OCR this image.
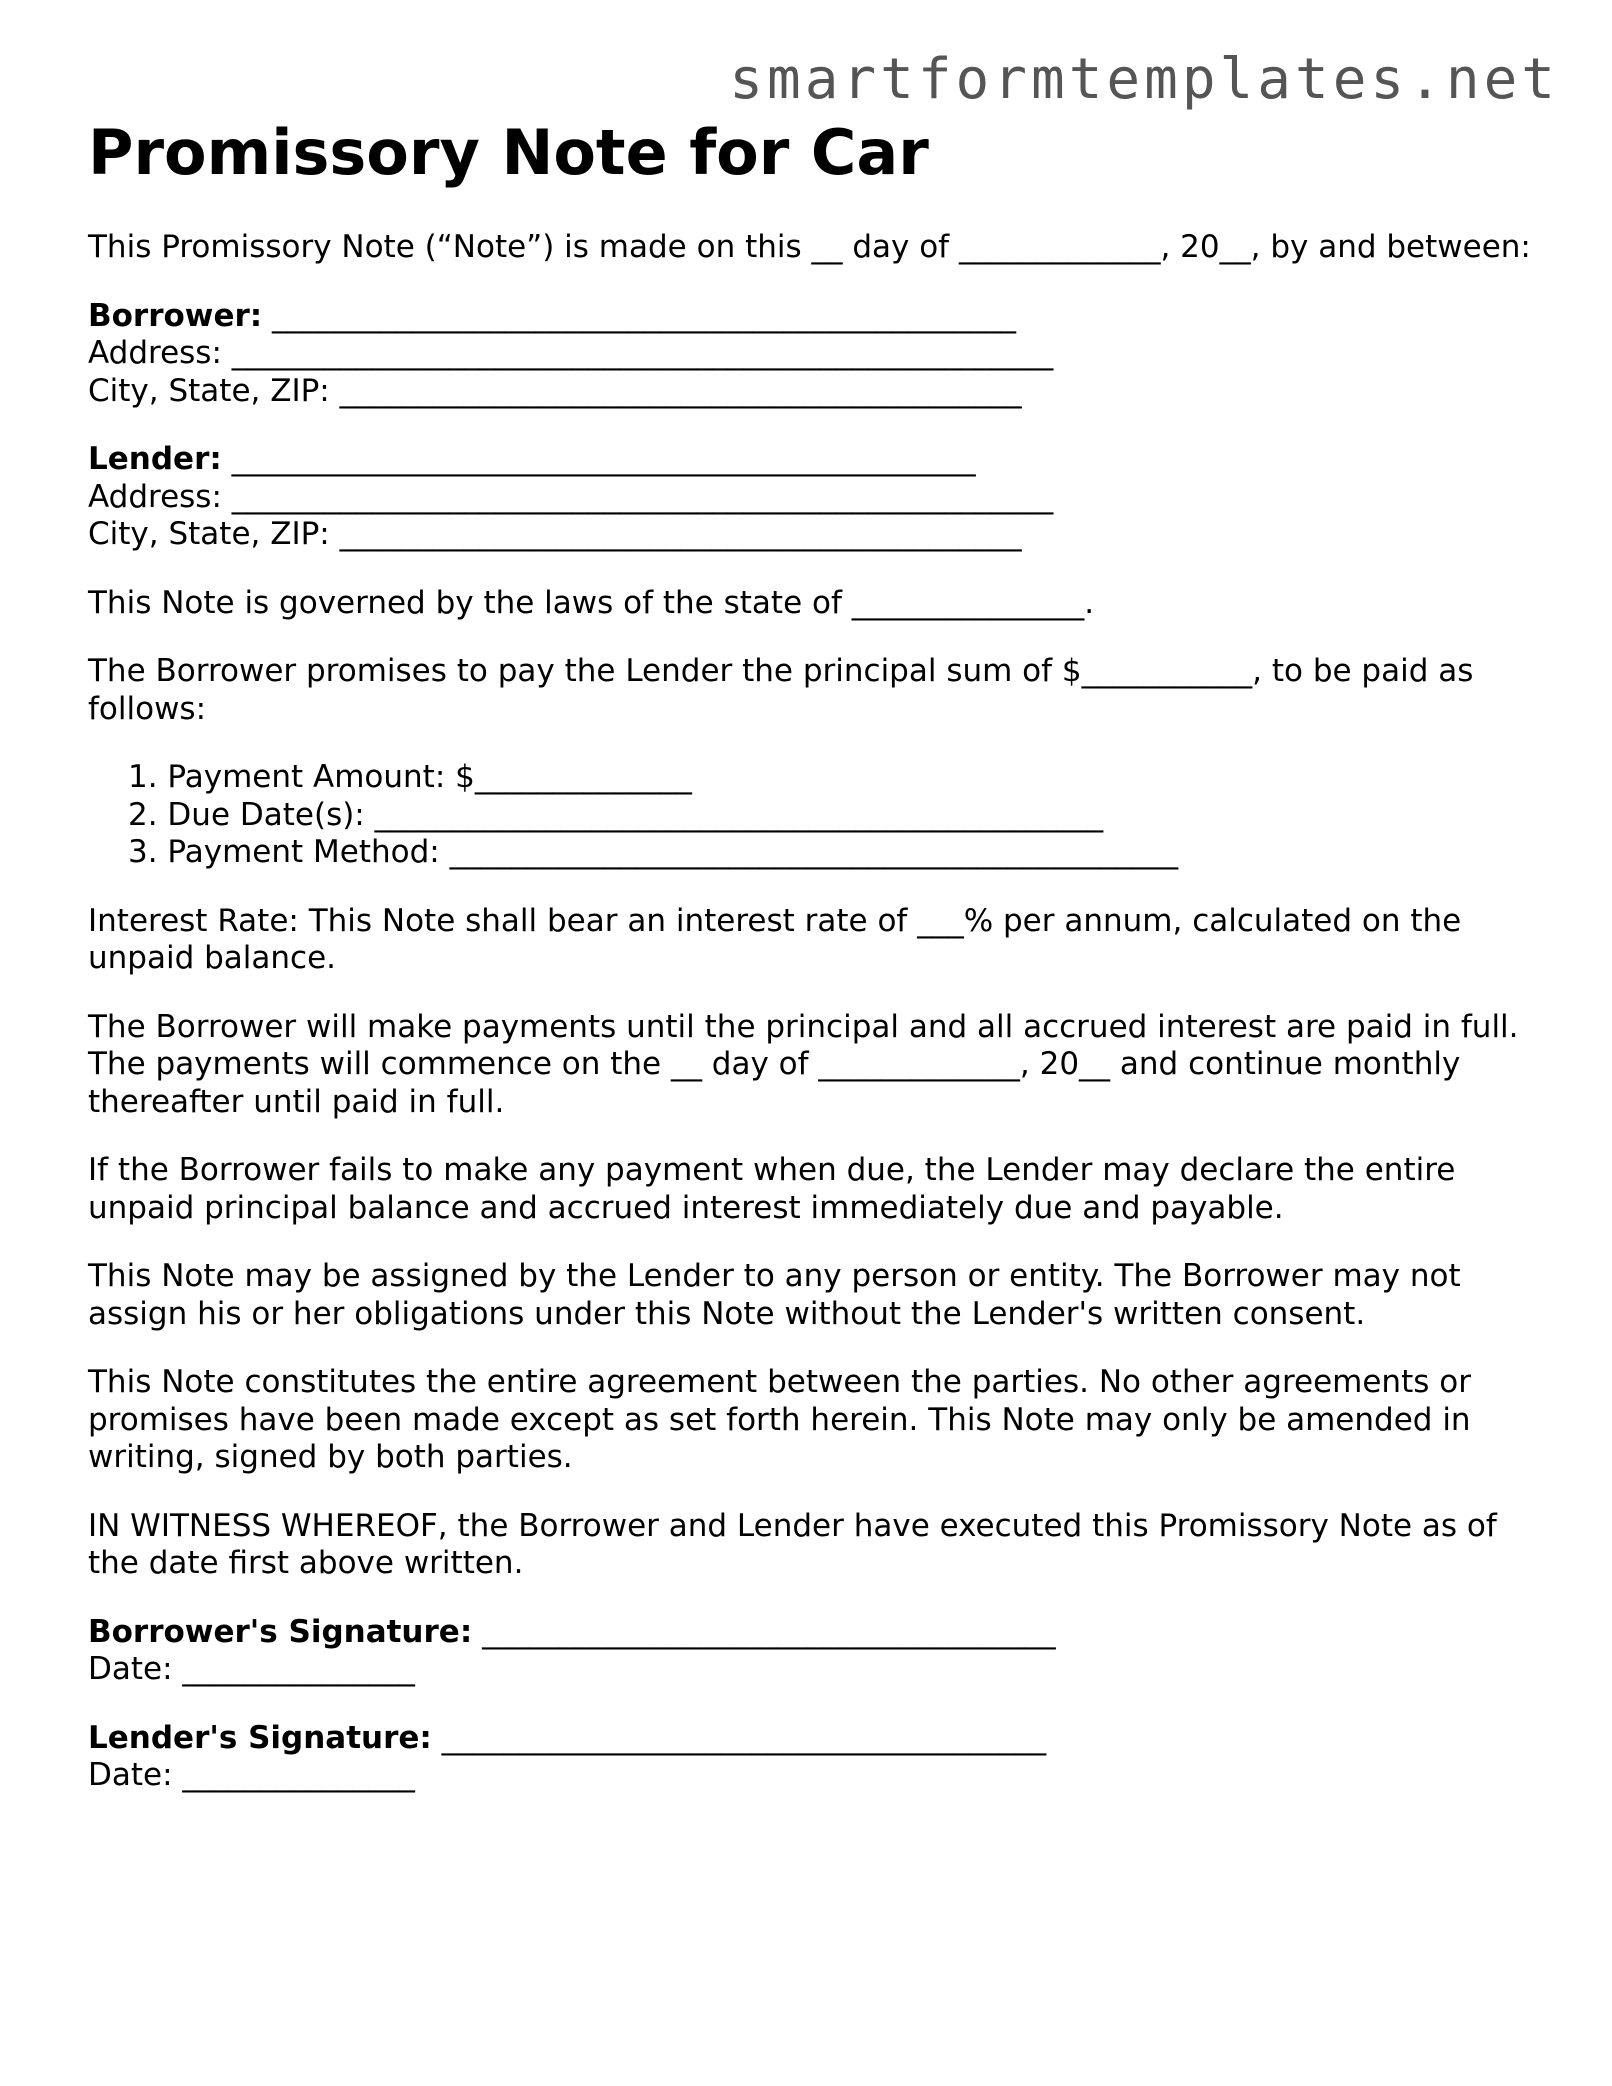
smartformtemplates.net
Promissory Note for Car

This Promissory Note (“Note”) is made on this __ day of _____________, 20__, by and between:

Borrower: ________________________________________________
Address: _____________________________________________________
City, State, ZIP: ____________________________________________
Lender: ________________________________________________
Address: _____________________________________________________
City, State, ZIP: ____________________________________________

This Note is governed by the laws of the state of _______________.

The Borrower promises to pay the Lender the principal sum of $___________, to be paid as follows:

1. Payment Amount: $______________
2. Due Date(s): _______________________________________________
3. Payment Method: _______________________________________________

Interest Rate: This Note shall bear an interest rate of ___% per annum, calculated on the unpaid balance.

The Borrower will make payments until the principal and all accrued interest are paid in full. The payments will commence on the __ day of _____________, 20__ and continue monthly thereafter until paid in full.

If the Borrower fails to make any payment when due, the Lender may declare the entire unpaid principal balance and accrued interest immediately due and payable.

This Note may be assigned by the Lender to any person or entity. The Borrower may not assign his or her obligations under this Note without the Lender's written consent.

This Note constitutes the entire agreement between the parties. No other agreements or promises have been made except as set forth herein. This Note may only be amended in writing, signed by both parties.

IN WITNESS WHEREOF, the Borrower and Lender have executed this Promissory Note as of the date first above written.

Borrower's Signature: _____________________________________
Date: _______________
Lender's Signature: _______________________________________
Date: _______________
